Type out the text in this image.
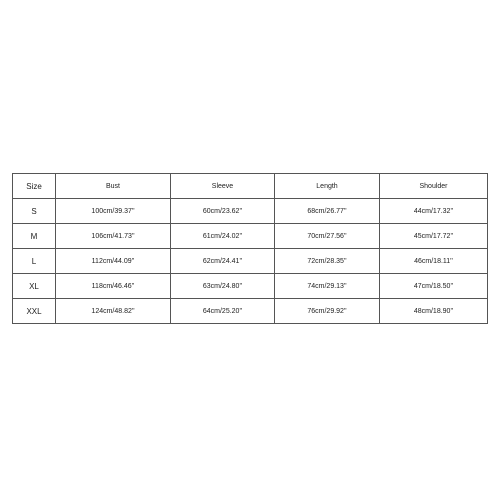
Size	Bust	Sleeve	Length	Shoulder
S	100cm/39.37''	60cm/23.62''	68cm/26.77''	44cm/17.32''
M	106cm/41.73''	61cm/24.02''	70cm/27.56''	45cm/17.72''
L	112cm/44.09''	62cm/24.41''	72cm/28.35''	46cm/18.11''
XL	118cm/46.46''	63cm/24.80''	74cm/29.13''	47cm/18.50''
XXL	124cm/48.82''	64cm/25.20''	76cm/29.92''	48cm/18.90''
